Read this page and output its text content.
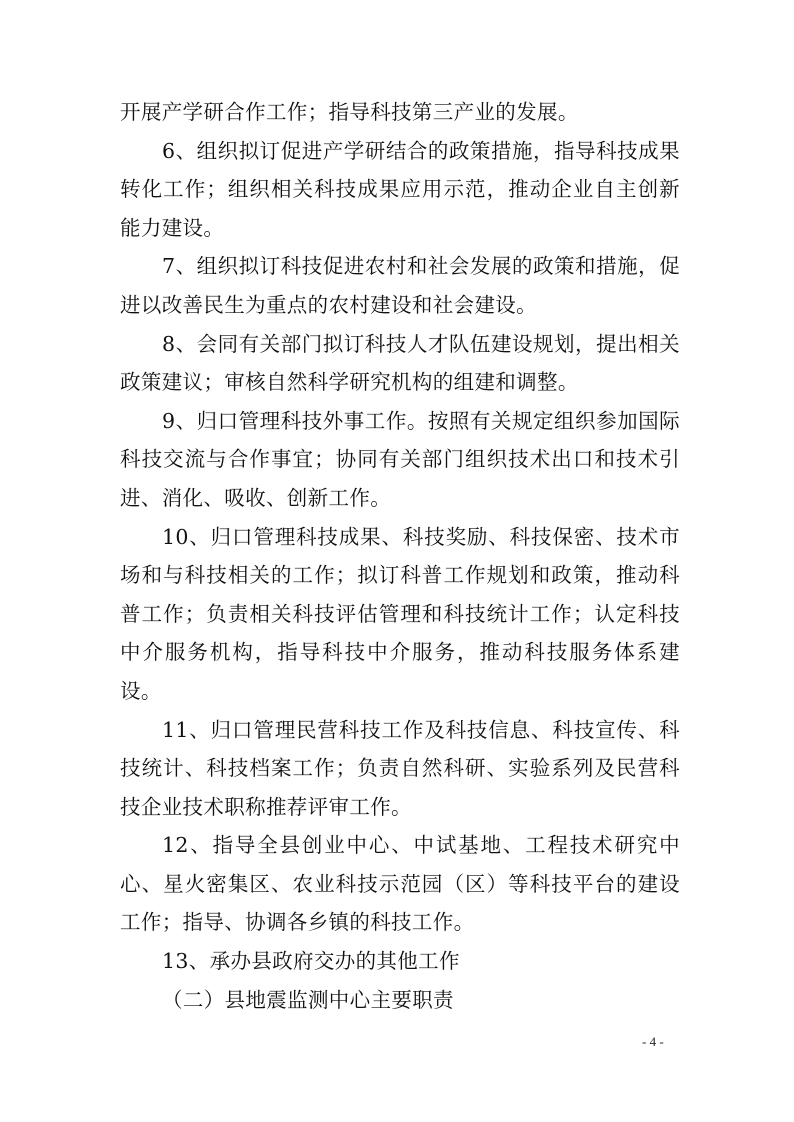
开展产学研合作工作；指导科技第三产业的发展。

6、组织拟订促进产学研结合的政策措施，指导科技成果转化工作；组织相关科技成果应用示范，推动企业自主创新能力建设。

7、组织拟订科技促进农村和社会发展的政策和措施，促进以改善民生为重点的农村建设和社会建设。

8、会同有关部门拟订科技人才队伍建设规划，提出相关政策建议；审核自然科学研究机构的组建和调整。

9、归口管理科技外事工作。按照有关规定组织参加国际科技交流与合作事宜；协同有关部门组织技术出口和技术引进、消化、吸收、创新工作。

10、归口管理科技成果、科技奖励、科技保密、技术市场和与科技相关的工作；拟订科普工作规划和政策，推动科普工作；负责相关科技评估管理和科技统计工作；认定科技中介服务机构，指导科技中介服务，推动科技服务体系建设。

11、归口管理民营科技工作及科技信息、科技宣传、科技统计、科技档案工作；负责自然科研、实验系列及民营科技企业技术职称推荐评审工作。

12、指导全县创业中心、中试基地、工程技术研究中心、星火密集区、农业科技示范园（区）等科技平台的建设工作；指导、协调各乡镇的科技工作。

13、承办县政府交办的其他工作

（二）县地震监测中心主要职责

- 4 -
